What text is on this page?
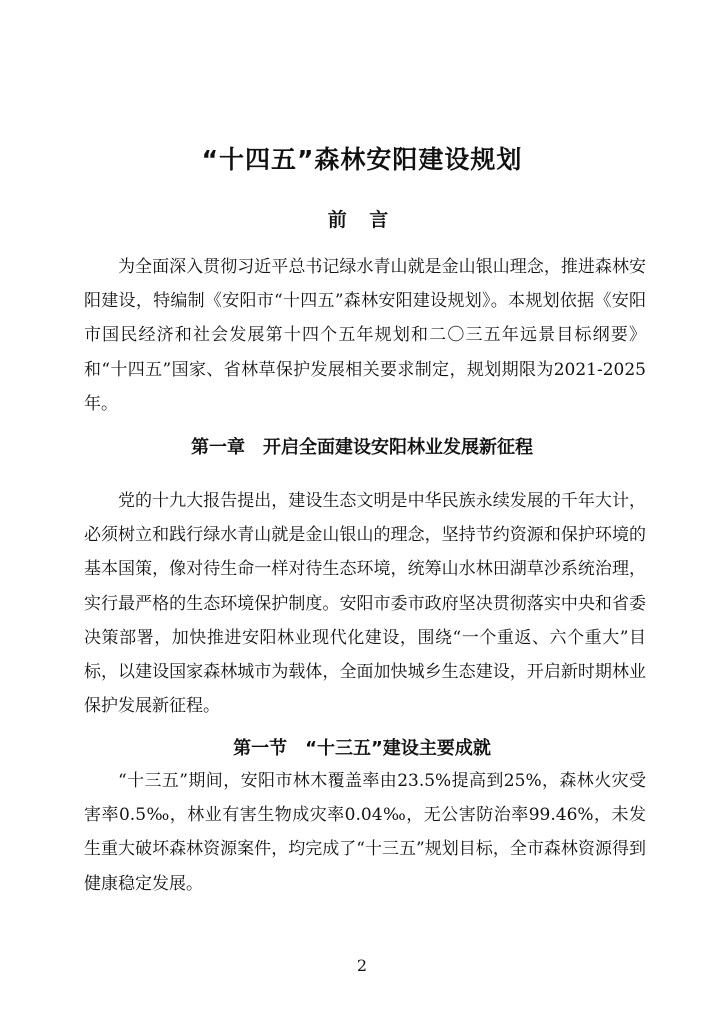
“十四五”森林安阳建设规划
前 言

为全面深入贯彻习近平总书记绿水青山就是金山银山理念，推进森林安阳建设，特编制《安阳市“十四五”森林安阳建设规划》。本规划依据《安阳市国民经济和社会发展第十四个五年规划和二〇三五年远景目标纲要》和“十四五”国家、省林草保护发展相关要求制定，规划期限为2021-2025年。

第一章 开启全面建设安阳林业发展新征程

党的十九大报告提出，建设生态文明是中华民族永续发展的千年大计，必须树立和践行绿水青山就是金山银山的理念，坚持节约资源和保护环境的基本国策，像对待生命一样对待生态环境，统筹山水林田湖草沙系统治理，实行最严格的生态环境保护制度。安阳市委市政府坚决贯彻落实中央和省委决策部署，加快推进安阳林业现代化建设，围绕“一个重返、六个重大”目标，以建设国家森林城市为载体，全面加快城乡生态建设，开启新时期林业保护发展新征程。

第一节 “十三五”建设主要成就

“十三五”期间，安阳市林木覆盖率由23.5%提高到25%，森林火灾受害率0.5‰，林业有害生物成灾率0.04‰，无公害防治率99.46%，未发生重大破坏森林资源案件，均完成了“十三五”规划目标，全市森林资源得到健康稳定发展。

2
